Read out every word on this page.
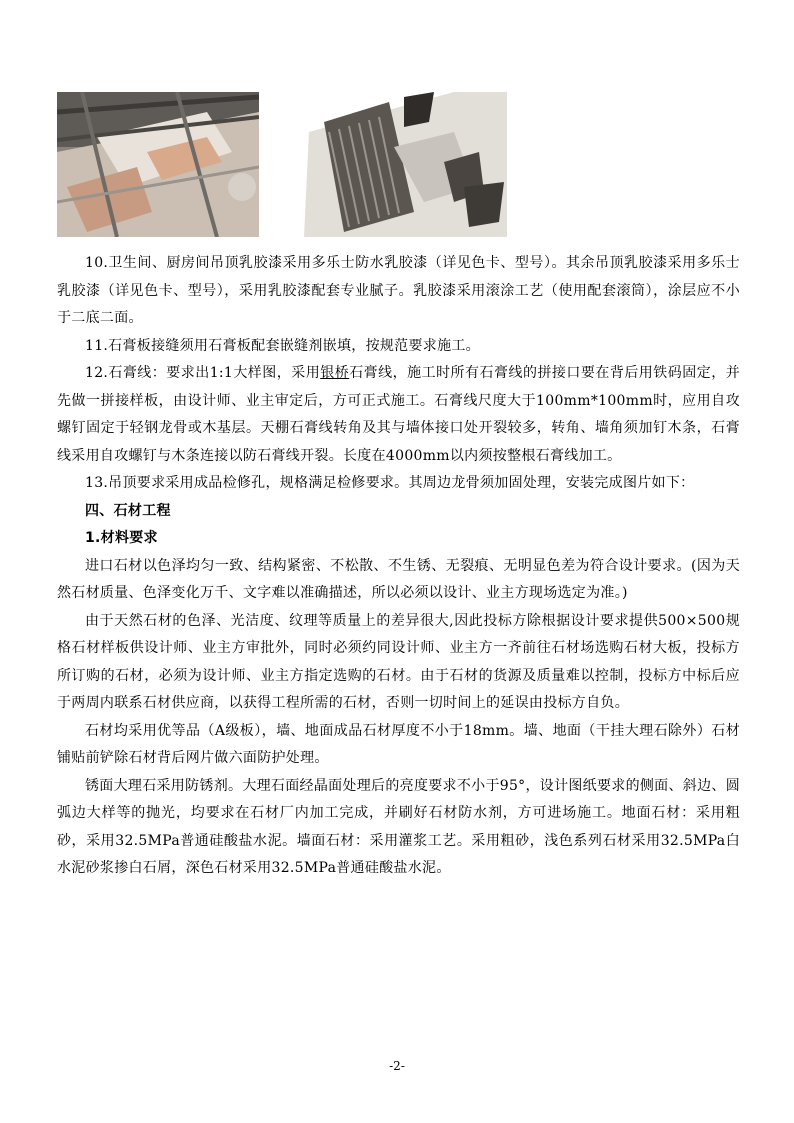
10.卫生间、厨房间吊顶乳胶漆采用多乐士防水乳胶漆（详见色卡、型号）。其余吊顶乳胶漆采用多乐士乳胶漆（详见色卡、型号），采用乳胶漆配套专业腻子。乳胶漆采用滚涂工艺（使用配套滚筒），涂层应不小于二底二面。

11.石膏板接缝须用石膏板配套嵌缝剂嵌填，按规范要求施工。

12.石膏线：要求出1:1大样图，采用银桥石膏线，施工时所有石膏线的拼接口要在背后用铁码固定，并先做一拼接样板，由设计师、业主审定后，方可正式施工。石膏线尺度大于100mm*100mm时，应用自攻螺钉固定于轻钢龙骨或木基层。天棚石膏线转角及其与墙体接口处开裂较多，转角、墙角须加钉木条，石膏线采用自攻螺钉与木条连接以防石膏线开裂。长度在4000mm以内须按整根石膏线加工。

13.吊顶要求采用成品检修孔，规格满足检修要求。其周边龙骨须加固处理，安装完成图片如下：

四、石材工程

1.材料要求

进口石材以色泽均匀一致、结构紧密、不松散、不生锈、无裂痕、无明显色差为符合设计要求。(因为天然石材质量、色泽变化万千、文字难以准确描述，所以必须以设计、业主方现场选定为准。)

由于天然石材的色泽、光洁度、纹理等质量上的差异很大,因此投标方除根据设计要求提供500×500规格石材样板供设计师、业主方审批外，同时必须约同设计师、业主方一齐前往石材场选购石材大板，投标方所订购的石材，必须为设计师、业主方指定选购的石材。由于石材的货源及质量难以控制，投标方中标后应于两周内联系石材供应商，以获得工程所需的石材，否则一切时间上的延误由投标方自负。

石材均采用优等品（A级板），墙、地面成品石材厚度不小于18mm。墙、地面（干挂大理石除外）石材铺贴前铲除石材背后网片做六面防护处理。

锈面大理石采用防锈剂。大理石面经晶面处理后的亮度要求不小于95°，设计图纸要求的侧面、斜边、圆弧边大样等的抛光，均要求在石材厂内加工完成，并刷好石材防水剂，方可进场施工。地面石材：采用粗砂，采用32.5MPa普通硅酸盐水泥。墙面石材：采用灌浆工艺。采用粗砂，浅色系列石材采用32.5MPa白水泥砂浆掺白石屑，深色石材采用32.5MPa普通硅酸盐水泥。

-2-
